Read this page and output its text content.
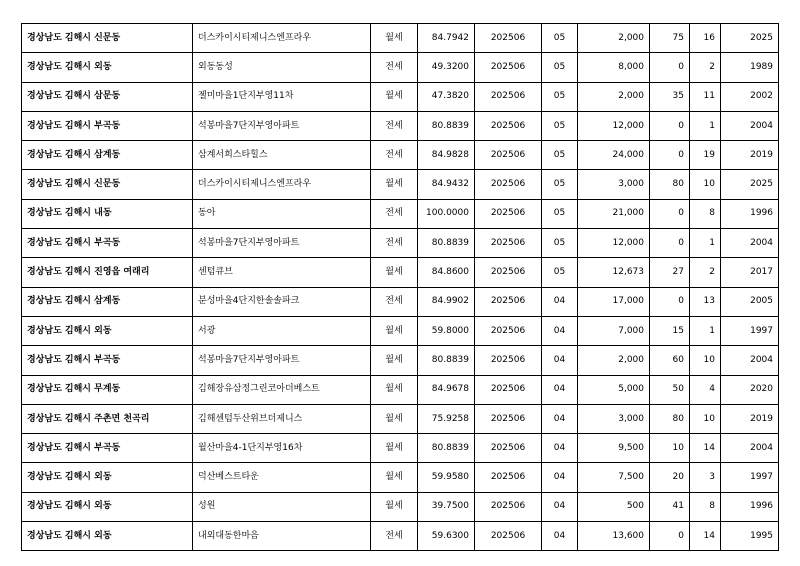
경상남도 김해시 신문동	더스카이시티제니스엔프라우	월세	84.7942	202506	05	2,000	75	16	2025
경상남도 김해시 외동	외동동성	전세	49.3200	202506	05	8,000	0	2	1989
경상남도 김해시 삼문동	젤미마을1단지부영11차	월세	47.3820	202506	05	2,000	35	11	2002
경상남도 김해시 부곡동	석봉마을7단지부영아파트	전세	80.8839	202506	05	12,000	0	1	2004
경상남도 김해시 삼계동	삼계서희스타힐스	전세	84.9828	202506	05	24,000	0	19	2019
경상남도 김해시 신문동	더스카이시티제니스엔프라우	월세	84.9432	202506	05	3,000	80	10	2025
경상남도 김해시 내동	동아	전세	100.0000	202506	05	21,000	0	8	1996
경상남도 김해시 부곡동	석봉마을7단지부영아파트	전세	80.8839	202506	05	12,000	0	1	2004
경상남도 김해시 진영읍 여래리	센텀큐브	월세	84.8600	202506	05	12,673	27	2	2017
경상남도 김해시 삼계동	분성마을4단지한솔솔파크	전세	84.9902	202506	04	17,000	0	13	2005
경상남도 김해시 외동	서광	월세	59.8000	202506	04	7,000	15	1	1997
경상남도 김해시 부곡동	석봉마을7단지부영아파트	월세	80.8839	202506	04	2,000	60	10	2004
경상남도 김해시 무계동	김해장유삼정그린코아더베스트	월세	84.9678	202506	04	5,000	50	4	2020
경상남도 김해시 주촌면 천곡리	김해센텀두산위브더제니스	월세	75.9258	202506	04	3,000	80	10	2019
경상남도 김해시 부곡동	월산마을4-1단지부영16차	월세	80.8839	202506	04	9,500	10	14	2004
경상남도 김해시 외동	덕산베스트타운	월세	59.9580	202506	04	7,500	20	3	1997
경상남도 김해시 외동	성원	월세	39.7500	202506	04	500	41	8	1996
경상남도 김해시 외동	내외대동한마음	전세	59.6300	202506	04	13,600	0	14	1995
